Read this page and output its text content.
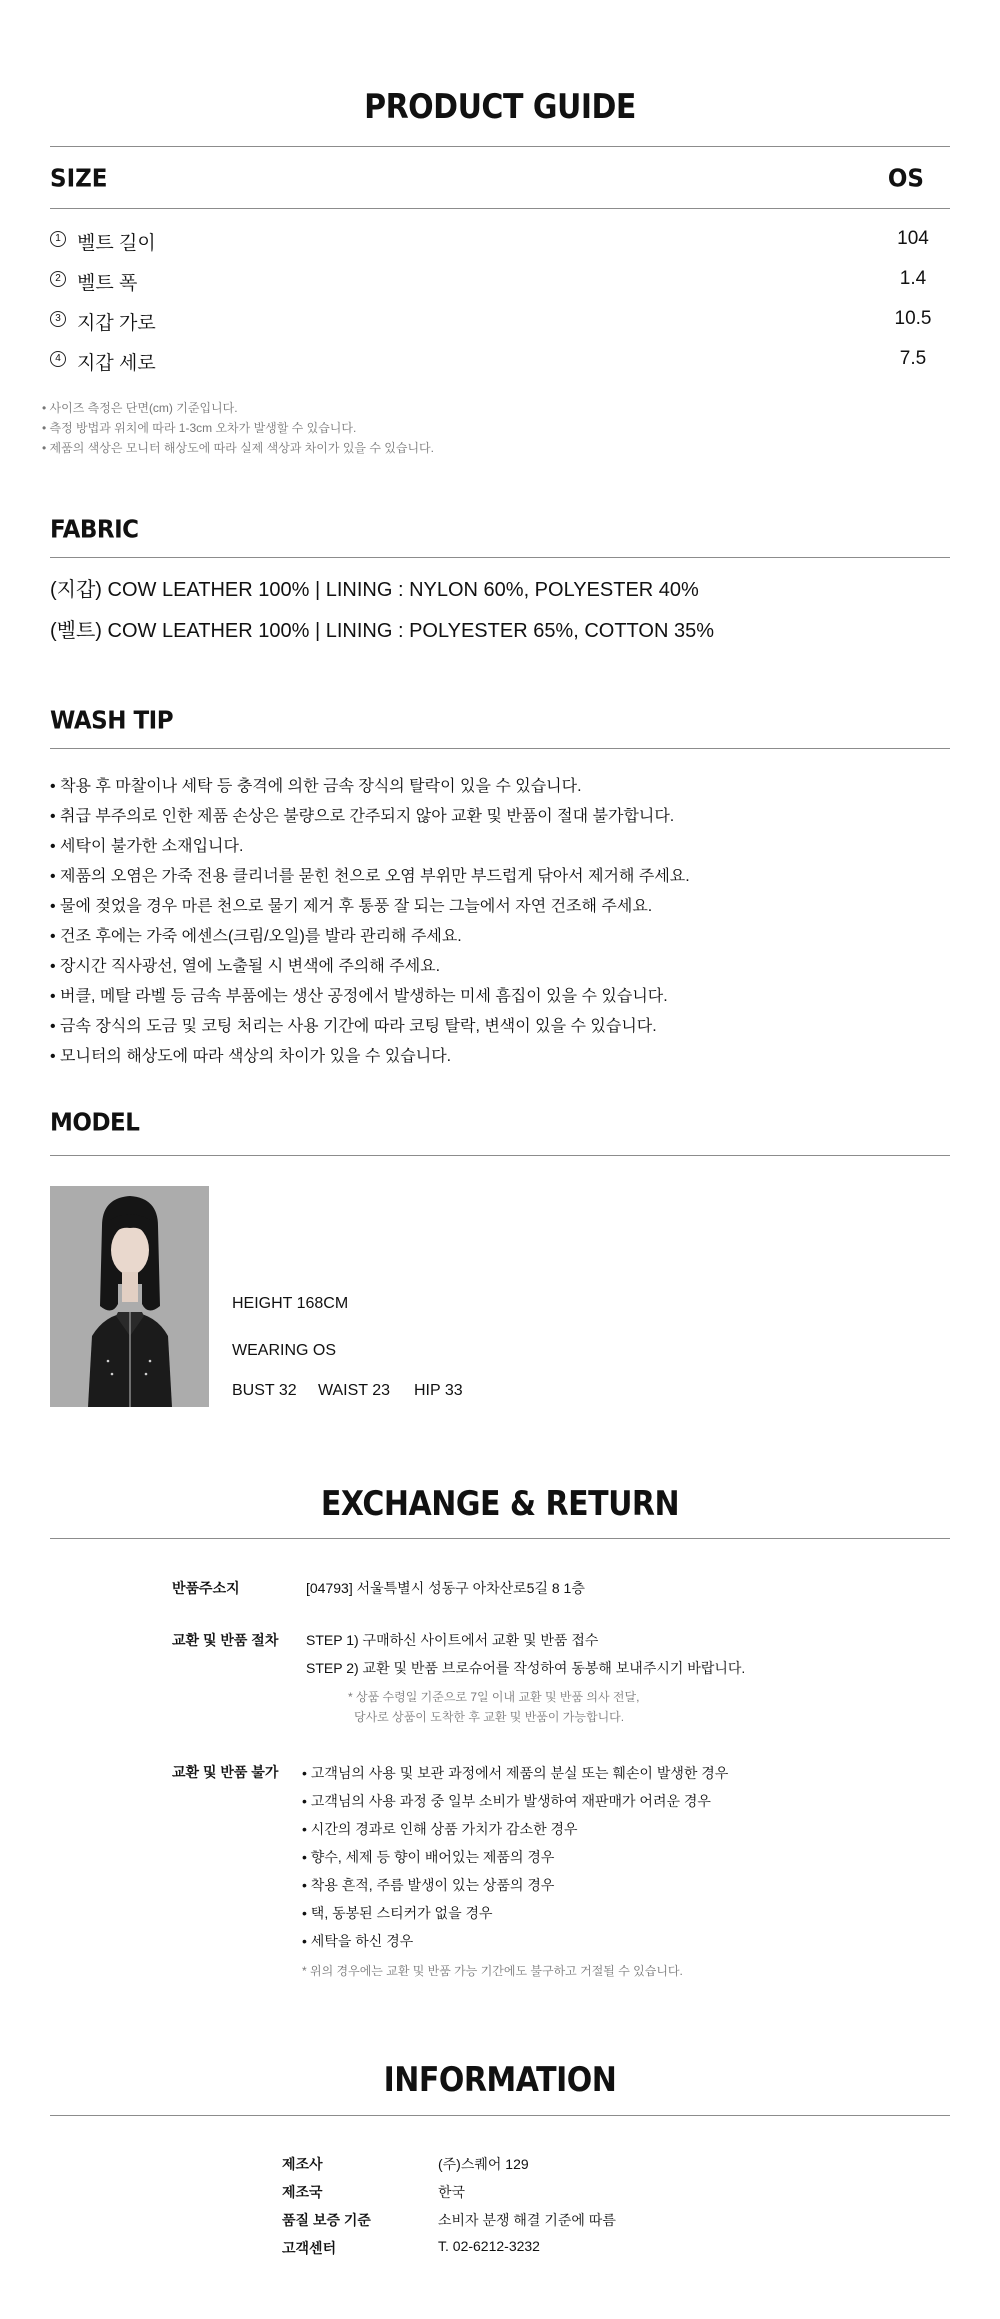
PRODUCT GUIDE
SIZE	OS
1 벨트 길이	104
2 벨트 폭	1.4
3 지갑 가로	10.5
4 지갑 세로	7.5
• 사이즈 측정은 단면(cm) 기준입니다.
• 측정 방법과 위치에 따라 1-3cm 오차가 발생할 수 있습니다.
• 제품의 색상은 모니터 해상도에 따라 실제 색상과 차이가 있을 수 있습니다.
FABRIC
(지갑) COW LEATHER 100% | LINING : NYLON 60%, POLYESTER 40%
(벨트) COW LEATHER 100% | LINING : POLYESTER 65%, COTTON 35%
WASH TIP
• 착용 후 마찰이나 세탁 등 충격에 의한 금속 장식의 탈락이 있을 수 있습니다.
• 취급 부주의로 인한 제품 손상은 불량으로 간주되지 않아 교환 및 반품이 절대 불가합니다.
• 세탁이 불가한 소재입니다.
• 제품의 오염은 가죽 전용 클리너를 묻힌 천으로 오염 부위만 부드럽게 닦아서 제거해 주세요.
• 물에 젖었을 경우 마른 천으로 물기 제거 후 통풍 잘 되는 그늘에서 자연 건조해 주세요.
• 건조 후에는 가죽 에센스(크림/오일)를 발라 관리해 주세요.
• 장시간 직사광선, 열에 노출될 시 변색에 주의해 주세요.
• 버클, 메탈 라벨 등 금속 부품에는 생산 공정에서 발생하는 미세 흠집이 있을 수 있습니다.
• 금속 장식의 도금 및 코팅 처리는 사용 기간에 따라 코팅 탈락, 변색이 있을 수 있습니다.
• 모니터의 해상도에 따라 색상의 차이가 있을 수 있습니다.
MODEL
HEIGHT 168CM
WEARING OS
BUST 32 WAIST 23 HIP 33
EXCHANGE & RETURN
반품주소지	[04793] 서울특별시 성동구 아차산로5길 8 1층
교환 및 반품 절차 STEP 1) 구매하신 사이트에서 교환 및 반품 접수
STEP 2) 교환 및 반품 브로슈어를 작성하여 동봉해 보내주시기 바랍니다.
* 상품 수령일 기준으로 7일 이내 교환 및 반품 의사 전달,
당사로 상품이 도착한 후 교환 및 반품이 가능합니다.
교환 및 반품 불가 • 고객님의 사용 및 보관 과정에서 제품의 분실 또는 훼손이 발생한 경우
• 고객님의 사용 과정 중 일부 소비가 발생하여 재판매가 어려운 경우
• 시간의 경과로 인해 상품 가치가 감소한 경우
• 향수, 세제 등 향이 배어있는 제품의 경우
• 착용 흔적, 주름 발생이 있는 상품의 경우
• 택, 동봉된 스티커가 없을 경우
• 세탁을 하신 경우
* 위의 경우에는 교환 및 반품 가능 기간에도 불구하고 거절될 수 있습니다.
INFORMATION
제조사	(주)스퀘어 129
제조국	한국
품질 보증 기준	소비자 분쟁 해결 기준에 따름
고객센터	T. 02-6212-3232
